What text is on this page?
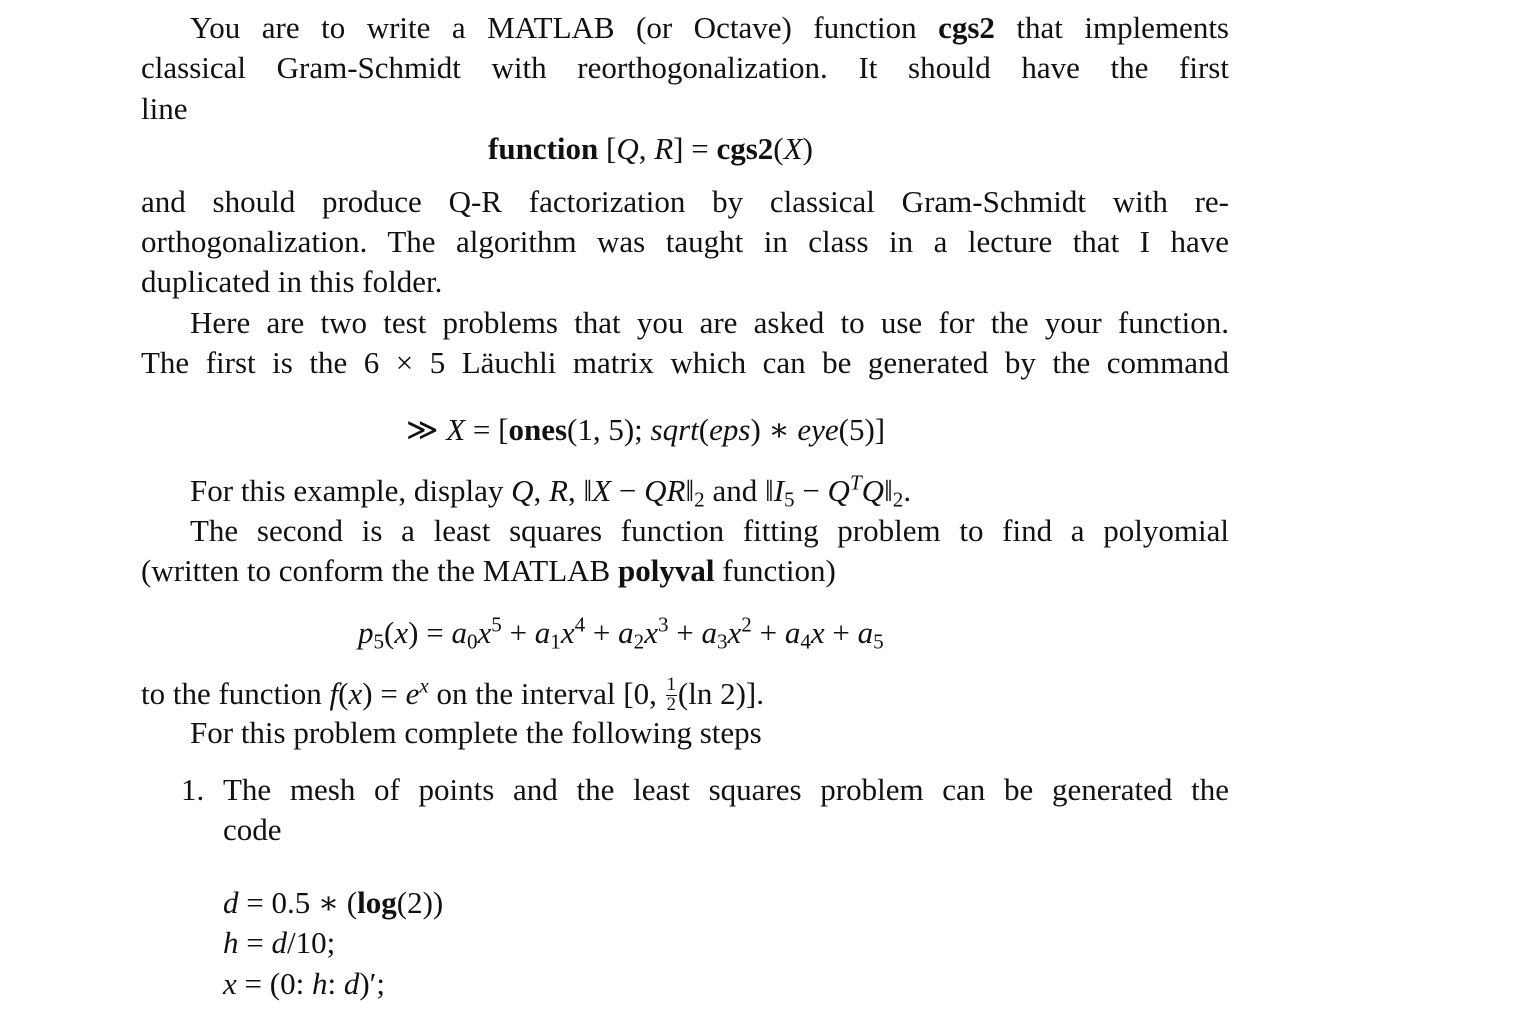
You are to write a MATLAB (or Octave) function cgs2 that implements
classical Gram-Schmidt with reorthogonalization. It should have the first
line
function [Q, R] = cgs2(X)
and should produce Q-R factorization by classical Gram-Schmidt with re-
orthogonalization. The algorithm was taught in class in a lecture that I have
duplicated in this folder.
Here are two test problems that you are asked to use for the your function.
The first is the 6 × 5 Läuchli matrix which can be generated by the command
≫ X = [ones(1, 5); sqrt(eps) ∗ eye(5)]
For this example, display Q, R, ‖X − $QR‖_2$ and $‖I_5$ − $Q^TQ‖_2$.
The second is a least squares function fitting problem to find a polyomial
(written to conform the the MATLAB polyval function)
$p_5(x) = a_0x^5 + a_1x^4 + a_2x^3 + a_3x^2 + a_4x + a_5$
to the function $f(x) = e^x$ on the interval [0, $\frac{1}{2} (\ln$ 2)].
For this problem complete the following steps
1. The mesh of points and the least squares problem can be generated the
code
d = 0.5 ∗ (log(2))
h = d/10;
x = (0: h: d)′;
